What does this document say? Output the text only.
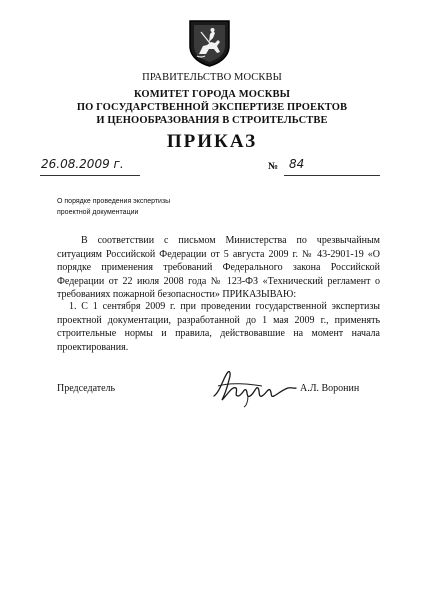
ПРАВИТЕЛЬСТВО МОСКВЫ
КОМИТЕТ ГОРОДА МОСКВЫ
ПО ГОСУДАРСТВЕННОЙ ЭКСПЕРТИЗЕ ПРОЕКТОВ
И ЦЕНООБРАЗОВАНИЯ В СТРОИТЕЛЬСТВЕ
ПРИКАЗ
26.08.2009 г.	№ 84
О порядке проведения экспертизы
проектной документации
В соответствии с письмом Министерства по чрезвычайным ситуациям Российской Федерации от 5 августа 2009 г. № 43-2901-19 «О порядке применения требований Федерального закона Российской Федерации от 22 июля 2008 года № 123-ФЗ «Технический регламент о требованиях пожарной безопасности» ПРИКАЗЫВАЮ:
1. С 1 сентября 2009 г. при проведении государственной экспертизы проектной документации, разработанной до 1 мая 2009 г., применять строительные нормы и правила, действовавшие на момент начала проектирования.
Председатель	А.Л. Воронин
